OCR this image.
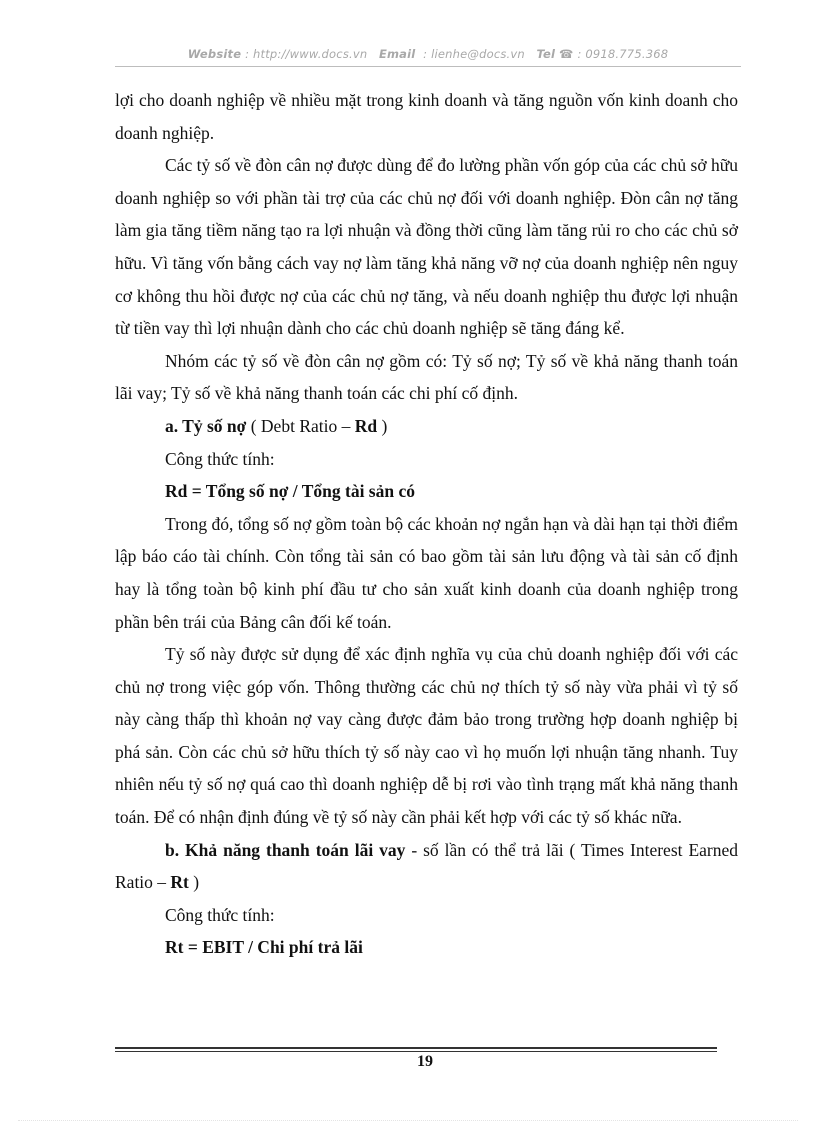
Website : http://www.docs.vn Email : lienhe@docs.vn Tel ☎ : 0918.775.368

lợi cho doanh nghiệp về nhiều mặt trong kinh doanh và tăng nguồn vốn kinh doanh cho doanh nghiệp.

Các tỷ số về đòn cân nợ được dùng để đo lường phần vốn góp của các chủ sở hữu doanh nghiệp so với phần tài trợ của các chủ nợ đối với doanh nghiệp. Đòn cân nợ tăng làm gia tăng tiềm năng tạo ra lợi nhuận và đồng thời cũng làm tăng rủi ro cho các chủ sở hữu. Vì tăng vốn bằng cách vay nợ làm tăng khả năng vỡ nợ của doanh nghiệp nên nguy cơ không thu hồi được nợ của các chủ nợ tăng, và nếu doanh nghiệp thu được lợi nhuận từ tiền vay thì lợi nhuận dành cho các chủ doanh nghiệp sẽ tăng đáng kể.

Nhóm các tỷ số về đòn cân nợ gồm có: Tỷ số nợ; Tỷ số về khả năng thanh toán lãi vay; Tỷ số về khả năng thanh toán các chi phí cố định.

a. Tỷ số nợ ( Debt Ratio – Rd )

Công thức tính:

Rd = Tổng số nợ / Tổng tài sản có

Trong đó, tổng số nợ gồm toàn bộ các khoản nợ ngắn hạn và dài hạn tại thời điểm lập báo cáo tài chính. Còn tổng tài sản có bao gồm tài sản lưu động và tài sản cố định hay là tổng toàn bộ kinh phí đầu tư cho sản xuất kinh doanh của doanh nghiệp trong phần bên trái của Bảng cân đối kế toán.

Tỷ số này được sử dụng để xác định nghĩa vụ của chủ doanh nghiệp đối với các chủ nợ trong việc góp vốn. Thông thường các chủ nợ thích tỷ số này vừa phải vì tỷ số này càng thấp thì khoản nợ vay càng được đảm bảo trong trường hợp doanh nghiệp bị phá sản. Còn các chủ sở hữu thích tỷ số này cao vì họ muốn lợi nhuận tăng nhanh. Tuy nhiên nếu tỷ số nợ quá cao thì doanh nghiệp dễ bị rơi vào tình trạng mất khả năng thanh toán. Để có nhận định đúng về tỷ số này cần phải kết hợp với các tỷ số khác nữa.

b. Khả năng thanh toán lãi vay - số lần có thể trả lãi ( Times Interest Earned Ratio – Rt )

Công thức tính:

Rt = EBIT / Chi phí trả lãi

19
